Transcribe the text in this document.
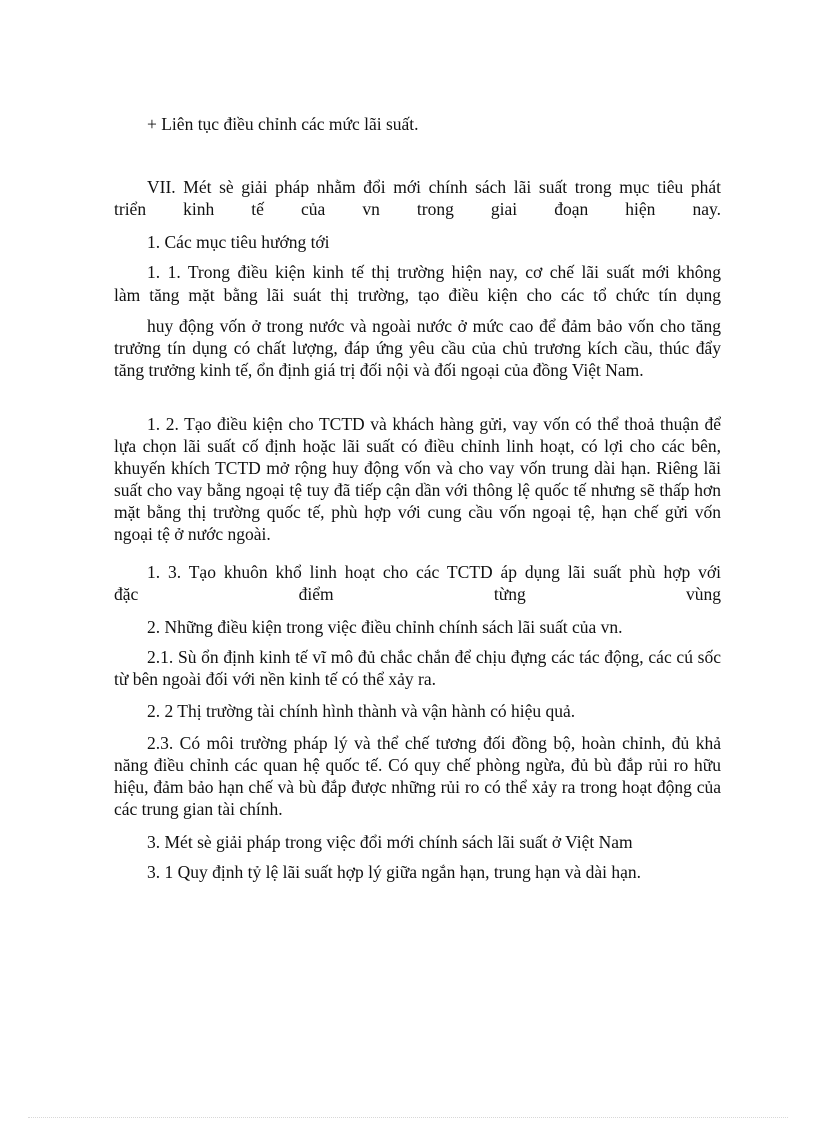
+ Liên tục điều chỉnh các mức lãi suất.

VII. Mét sè giải pháp nhằm đổi mới chính sách lãi suất trong mục tiêu phát

triển kinh tế của vn trong giai đoạn hiện nay.

1. Các mục tiêu hướng tới

1. 1. Trong điều kiện kinh tế thị trường hiện nay, cơ chế lãi suất mới không

làm tăng mặt bằng lãi suát thị trường, tạo điều kiện cho các tổ chức tín dụng

huy động vốn ở trong nước và ngoài nước ở mức cao để đảm bảo vốn cho tăng trưởng tín dụng có chất lượng, đáp ứng yêu cầu của chủ trương kích cầu, thúc đẩy tăng trưởng kinh tế, ổn định giá trị đối nội và đối ngoại của đồng Việt Nam.

1. 2. Tạo điều kiện cho TCTD và khách hàng gửi, vay vốn có thể thoả thuận để lựa chọn lãi suất cố định hoặc lãi suất có điều chỉnh linh hoạt, có lợi cho các bên, khuyến khích TCTD mở rộng huy động vốn và cho vay vốn trung dài hạn. Riêng lãi suất cho vay bằng ngoại tệ tuy đã tiếp cận dần với thông lệ quốc tế nhưng sẽ thấp hơn mặt bằng thị trường quốc tế, phù hợp với cung cầu vốn ngoại tệ, hạn chế gửi vốn ngoại tệ ở nước ngoài.

1. 3. Tạo khuôn khổ linh hoạt cho các TCTD áp dụng lãi suất phù hợp với

đặc điểm từng vùng

2. Những điều kiện trong việc điều chỉnh chính sách lãi suất của vn.

2.1. Sù ổn định kinh tế vĩ mô đủ chắc chắn để chịu đựng các tác động, các cú sốc từ bên ngoài đối với nền kinh tế có thể xảy ra.

2. 2 Thị trường tài chính hình thành và vận hành có hiệu quả.

2.3. Có môi trường pháp lý và thể chế tương đối đồng bộ, hoàn chỉnh, đủ khả năng điều chỉnh các quan hệ quốc tế. Có quy chế phòng ngừa, đủ bù đắp rủi ro hữu hiệu, đảm bảo hạn chế và bù đắp được những rủi ro có thể xảy ra trong hoạt động của các trung gian tài chính.

3. Mét sè giải pháp trong việc đổi mới chính sách lãi suất ở Việt Nam

3. 1 Quy định tỷ lệ lãi suất hợp lý giữa ngắn hạn, trung hạn và dài hạn.
